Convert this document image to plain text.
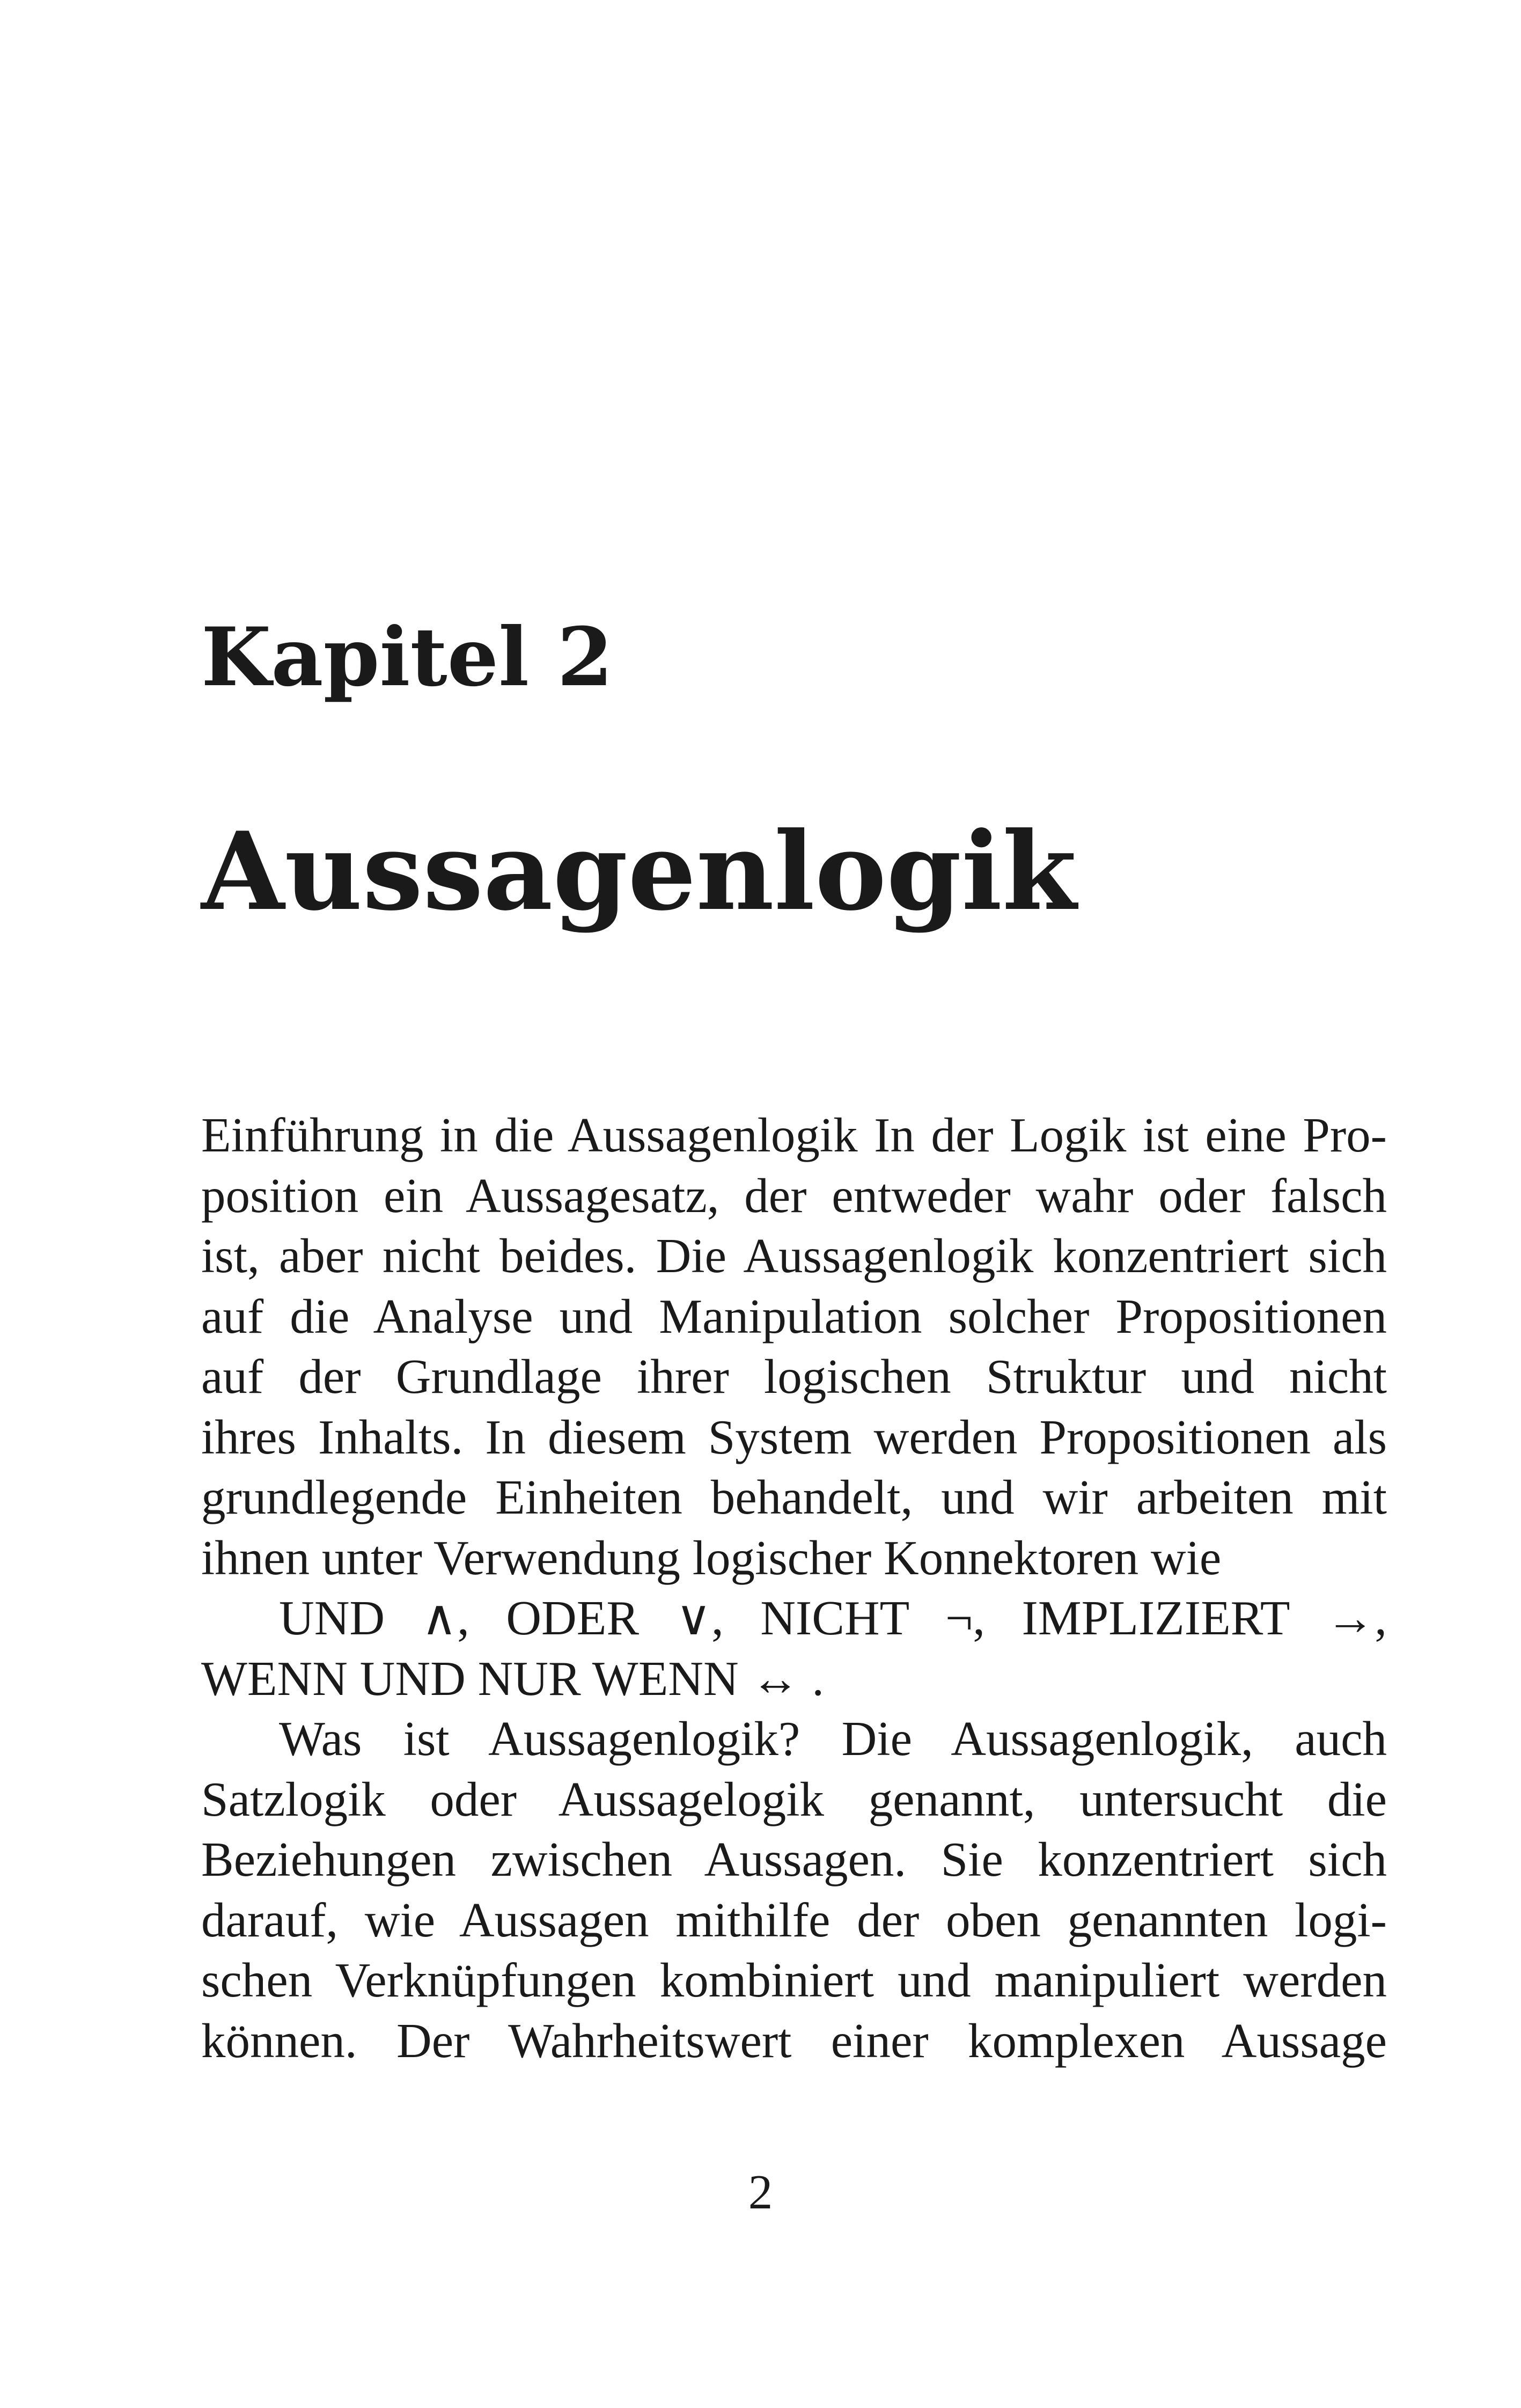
Kapitel 2
Aussagenlogik
Einführung in die Aussagenlogik In der Logik ist eine Pro-
position ein Aussagesatz, der entweder wahr oder falsch
ist, aber nicht beides. Die Aussagenlogik konzentriert sich
auf die Analyse und Manipulation solcher Propositionen
auf der Grundlage ihrer logischen Struktur und nicht
ihres Inhalts. In diesem System werden Propositionen als
grundlegende Einheiten behandelt, und wir arbeiten mit
ihnen unter Verwendung logischer Konnektoren wie
UND ∧, ODER ∨, NICHT ¬, IMPLIZIERT →,
WENN UND NUR WENN ↔ .
Was ist Aussagenlogik? Die Aussagenlogik, auch
Satzlogik oder Aussagelogik genannt, untersucht die
Beziehungen zwischen Aussagen. Sie konzentriert sich
darauf, wie Aussagen mithilfe der oben genannten logi-
schen Verknüpfungen kombiniert und manipuliert werden
können. Der Wahrheitswert einer komplexen Aussage
2
